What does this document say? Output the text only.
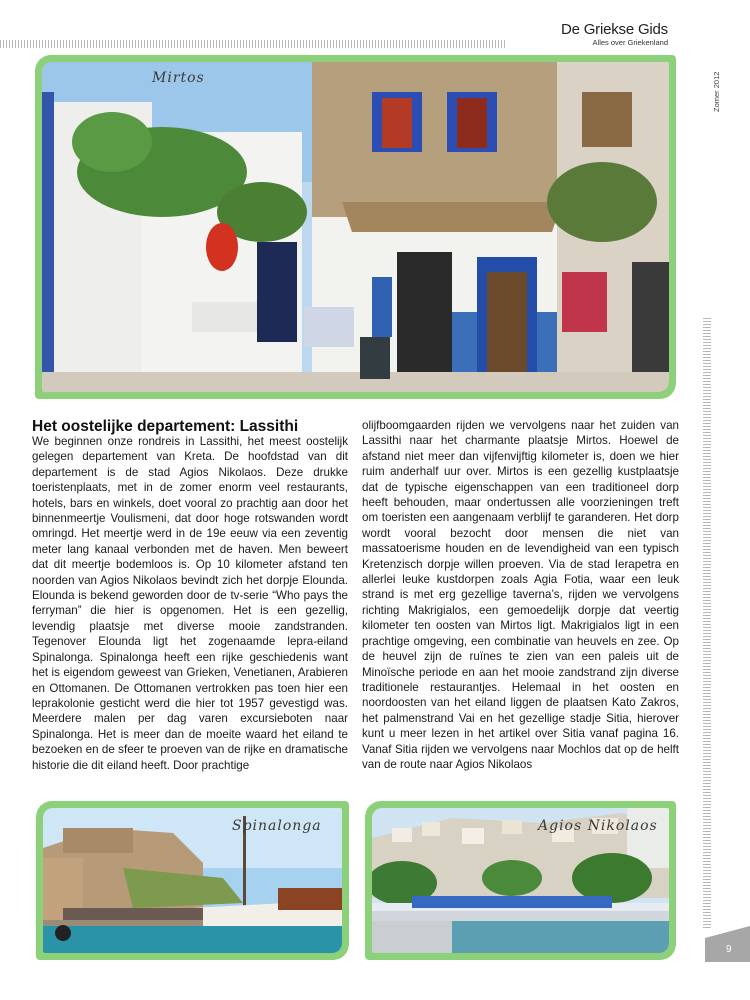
De Griekse Gids
Alles over Griekenland
Zomer 2012
Mirtos
Het oostelijke departement: Lassithi
We beginnen onze rondreis in Lassithi, het meest oostelijk gelegen departement van Kreta. De hoofdstad van dit departement is de stad Agios Nikolaos. Deze drukke toeristenplaats, met in de zomer enorm veel restaurants, hotels, bars en winkels, doet vooral zo prachtig aan door het binnenmeertje Voulismeni, dat door hoge rotswanden wordt omringd. Het meertje werd in de 19e eeuw via een zeventig meter lang kanaal verbonden met de haven. Men beweert dat dit meertje bodemloos is. Op 10 kilometer afstand ten noorden van Agios Nikolaos bevindt zich het dorpje Elounda. Elounda is bekend geworden door de tv-serie “Who pays the ferryman” die hier is opgenomen. Het is een gezellig, levendig plaatsje met diverse mooie zandstranden. Tegenover Elounda ligt het zogenaamde lepra-eiland Spinalonga. Spinalonga heeft een rijke geschiedenis want het is eigendom geweest van Grieken, Venetianen, Arabieren en Ottomanen. De Ottomanen vertrokken pas toen hier een leprakolonie gesticht werd die hier tot 1957 gevestigd was. Meerdere malen per dag varen excursieboten naar Spinalonga. Het is meer dan de moeite waard het eiland te bezoeken en de sfeer te proeven van de rijke en dramatische historie die dit eiland heeft. Door prachtige
olijfboomgaarden rijden we vervolgens naar het zuiden van Lassithi naar het charmante plaatsje Mirtos. Hoewel de afstand niet meer dan vijfenvijftig kilometer is, doen we hier ruim anderhalf uur over. Mirtos is een gezellig kustplaatsje dat de typische eigenschappen van een traditioneel dorp heeft behouden, maar ondertussen alle voorzieningen treft om toeristen een aangenaam verblijf te garanderen. Het dorp wordt vooral bezocht door mensen die niet van massatoerisme houden en de levendigheid van een typisch Kretenzisch dorpje willen proeven. Via de stad Ierapetra en allerlei leuke kustdorpen zoals Agia Fotia, waar een leuk strand is met erg gezellige taverna’s, rijden we vervolgens richting Makrigialos, een gemoedelijk dorpje dat veertig kilometer ten oosten van Mirtos ligt. Makrigialos ligt in een prachtige omgeving, een combinatie van heuvels en zee. Op de heuvel zijn de ruïnes te zien van een paleis uit de Minoïsche periode en aan het mooie zandstrand zijn diverse traditionele restaurantjes. Helemaal in het oosten en noordoosten van het eiland liggen de plaatsen Kato Zakros, het palmenstrand Vai en het gezellige stadje Sitia, hierover kunt u meer lezen in het artikel over Sitia vanaf pagina 16. Vanaf Sitia rijden we vervolgens naar Mochlos dat op de helft van de route naar Agios Nikolaos
Spinalonga	Agios Nikolaos
9
